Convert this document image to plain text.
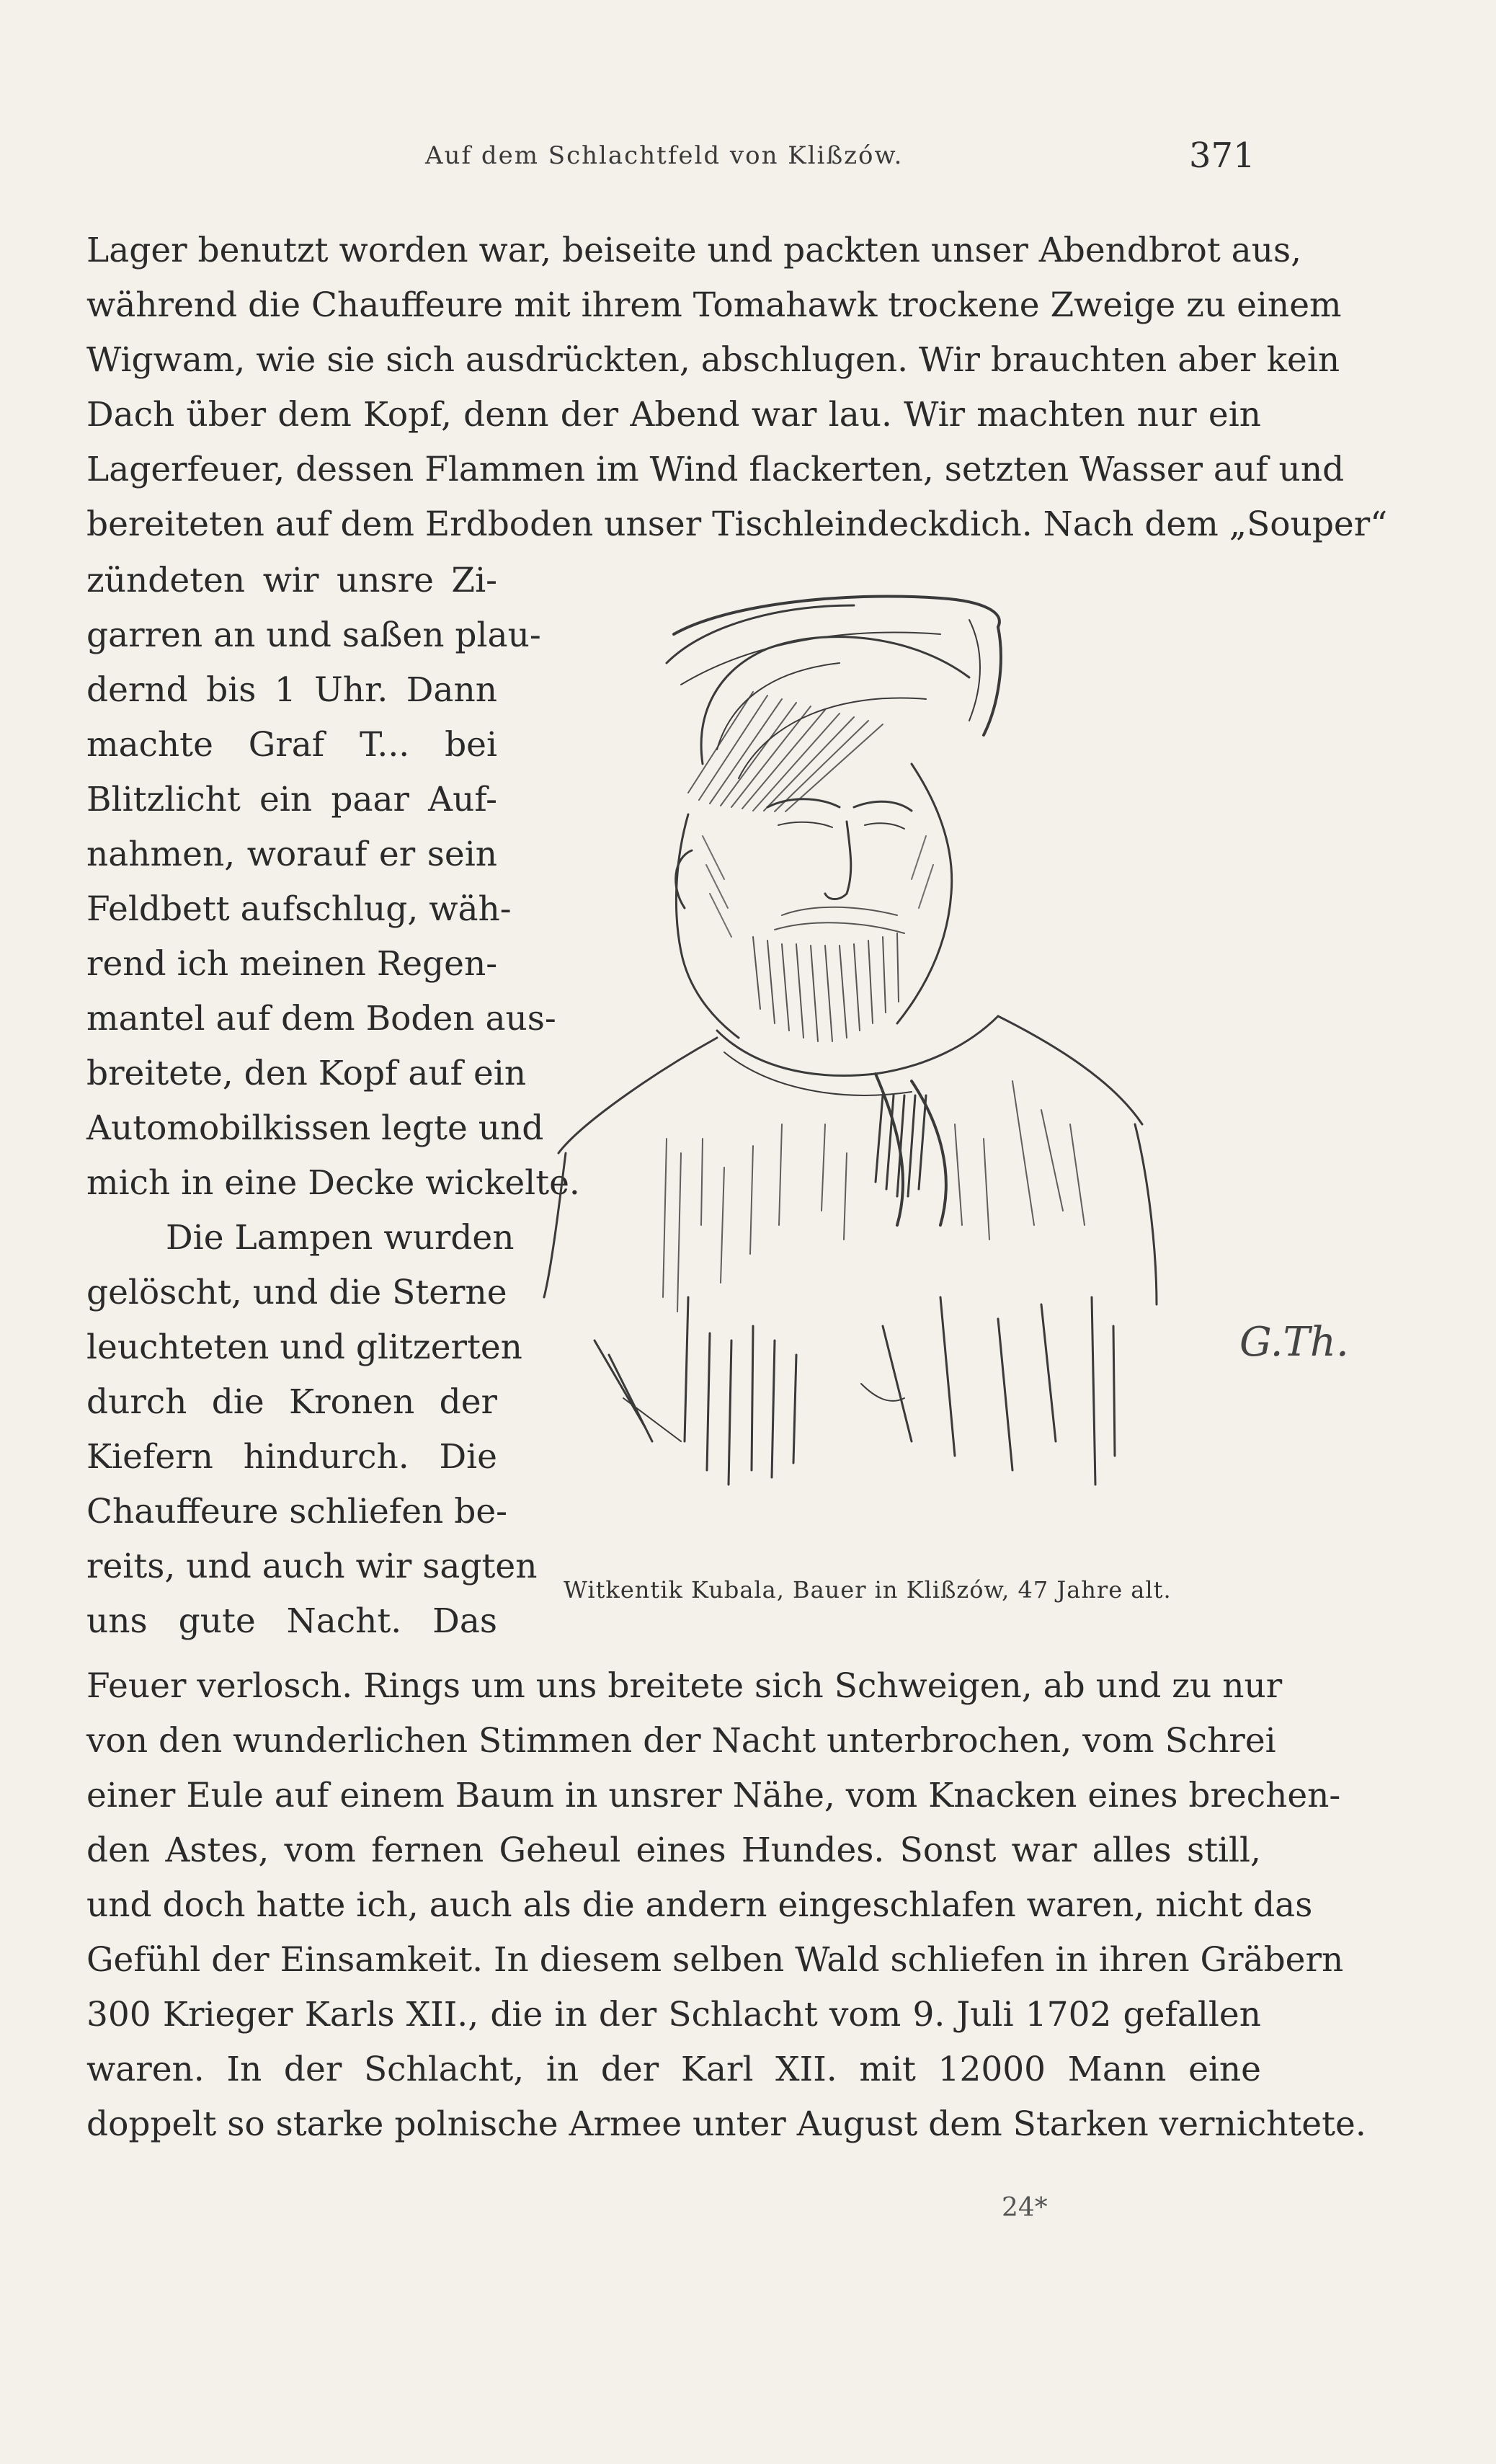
Auf dem Schlachtfeld von Klißzów.	371
Lager benutzt worden war, beiseite und packten unser Abendbrot aus,
während die Chauffeure mit ihrem Tomahawk trockene Zweige zu einem
Wigwam, wie sie sich ausdrückten, abschlugen. Wir brauchten aber kein
Dach über dem Kopf, denn der Abend war lau. Wir machten nur ein
Lagerfeuer, dessen Flammen im Wind flackerten, setzten Wasser auf und
bereiteten auf dem Erdboden unser Tischleindeckdich. Nach dem „Souper“
zündeten wir unsre Zi-
garren an und saßen plau-
dernd bis 1 Uhr. Dann
machte Graf T... bei
Blitzlicht ein paar Auf-
nahmen, worauf er sein
Feldbett aufschlug, wäh-
rend ich meinen Regen-
mantel auf dem Boden aus-
breitete, den Kopf auf ein
Automobilkissen legte und
mich in eine Decke wickelte.
Die Lampen wurden
gelöscht, und die Sterne
leuchteten und glitzerten
durch die Kronen der
Kiefern hindurch. Die
Chauffeure schliefen be-
reits, und auch wir sagten
uns gute Nacht. Das
G.Th.
Witkentik Kubala, Bauer in Klißzów, 47 Jahre alt.
Feuer verlosch. Rings um uns breitete sich Schweigen, ab und zu nur
von den wunderlichen Stimmen der Nacht unterbrochen, vom Schrei
einer Eule auf einem Baum in unsrer Nähe, vom Knacken eines brechen-
den Astes, vom fernen Geheul eines Hundes. Sonst war alles still,
und doch hatte ich, auch als die andern eingeschlafen waren, nicht das
Gefühl der Einsamkeit. In diesem selben Wald schliefen in ihren Gräbern
300 Krieger Karls XII., die in der Schlacht vom 9. Juli 1702 gefallen
waren. In der Schlacht, in der Karl XII. mit 12000 Mann eine
doppelt so starke polnische Armee unter August dem Starken vernichtete.
24*
